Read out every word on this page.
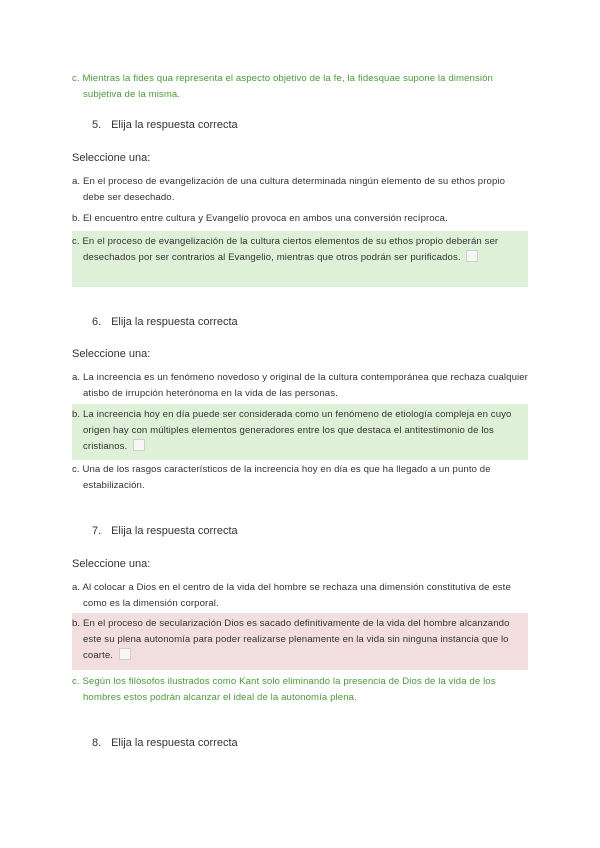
c. Mientras la fides qua representa el aspecto objetivo de la fe, la fidesquae supone la dimensión subjetiva de la misma.
5. Elija la respuesta correcta
Seleccione una:
a. En el proceso de evangelización de una cultura determinada ningún elemento de su ethos propio debe ser desechado.
b. El encuentro entre cultura y Evangelio provoca en ambos una conversión recíproca.
c. En el proceso de evangelización de la cultura ciertos elementos de su ethos propio deberán ser desechados por ser contrarios al Evangelio, mientras que otros podrán ser purificados.
6. Elija la respuesta correcta
Seleccione una:
a. La increencia es un fenómeno novedoso y original de la cultura contemporánea que rechaza cualquier atisbo de irrupción heterónoma en la vida de las personas.
b. La increencia hoy en día puede ser considerada como un fenómeno de etiología compleja en cuyo origen hay con múltiples elementos generadores entre los que destaca el antitestimonio de los cristianos.
c. Una de los rasgos característicos de la increencia hoy en día es que ha llegado a un punto de estabilización.
7. Elija la respuesta correcta
Seleccione una:
a. Al colocar a Dios en el centro de la vida del hombre se rechaza una dimensión constitutiva de este como es la dimensión corporal.
b. En el proceso de secularización Dios es sacado definitivamente de la vida del hombre alcanzando este su plena autonomía para poder realizarse plenamente en la vida sin ninguna instancia que lo coarte.
c. Según los filósofos ilustrados como Kant solo eliminando la presencia de Dios de la vida de los hombres estos podrán alcanzar el ideal de la autonomía plena.
8. Elija la respuesta correcta
